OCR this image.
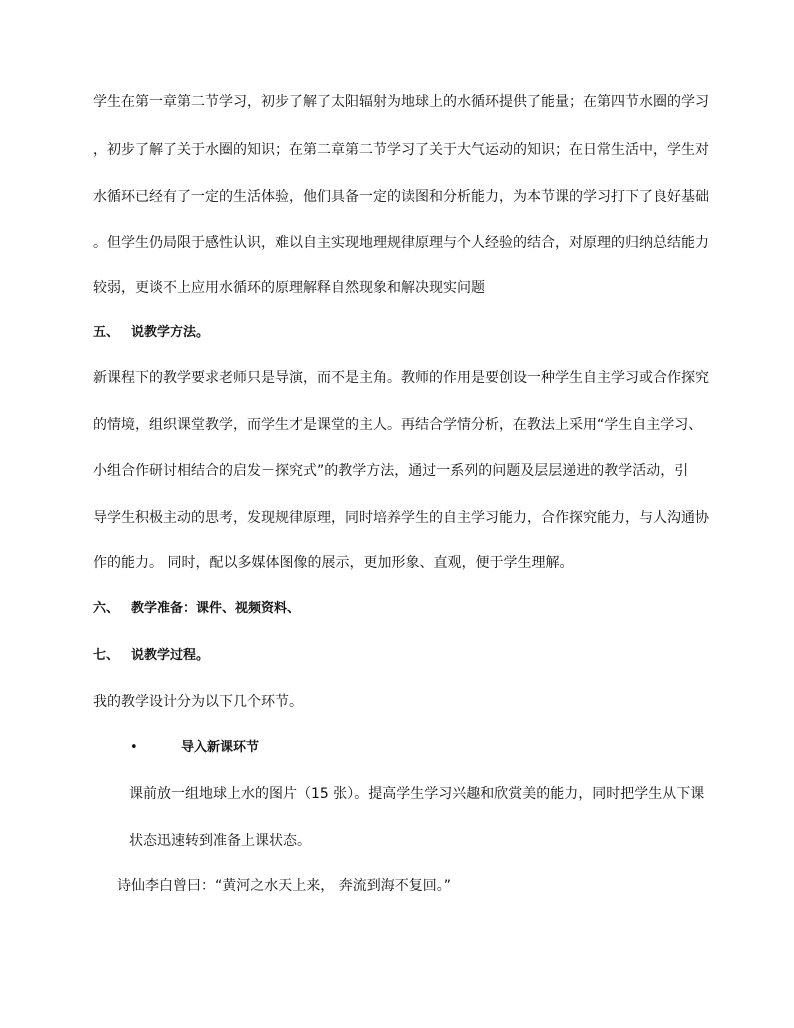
学生在第一章第二节学习，初步了解了太阳辐射为地球上的水循环提供了能量；在第四节水圈的学习
，初步了解了关于水圈的知识；在第二章第二节学习了关于大气运动的知识；在日常生活中，学生对
水循环已经有了一定的生活体验，他们具备一定的读图和分析能力，为本节课的学习打下了良好基础
。但学生仍局限于感性认识，难以自主实现地理规律原理与个人经验的结合，对原理的归纳总结能力
较弱，更谈不上应用水循环的原理解释自然现象和解决现实问题
五、 说教学方法。
新课程下的教学要求老师只是导演，而不是主角。教师的作用是要创设一种学生自主学习或合作探究
的情境，组织课堂教学，而学生才是课堂的主人。再结合学情分析，在教法上采用“学生自主学习、
小组合作研讨相结合的启发－探究式”的教学方法，通过一系列的问题及层层递进的教学活动，引
导学生积极主动的思考，发现规律原理，同时培养学生的自主学习能力，合作探究能力，与人沟通协
作的能力。 同时，配以多媒体图像的展示，更加形象、直观，便于学生理解。
六、 教学准备：课件、视频资料、
七、 说教学过程。
我的教学设计分为以下几个环节。
•	导入新课环节
课前放一组地球上水的图片（15 张）。提高学生学习兴趣和欣赏美的能力，同时把学生从下课
状态迅速转到准备上课状态。
诗仙李白曾曰：“黄河之水天上来， 奔流到海不复回。”
